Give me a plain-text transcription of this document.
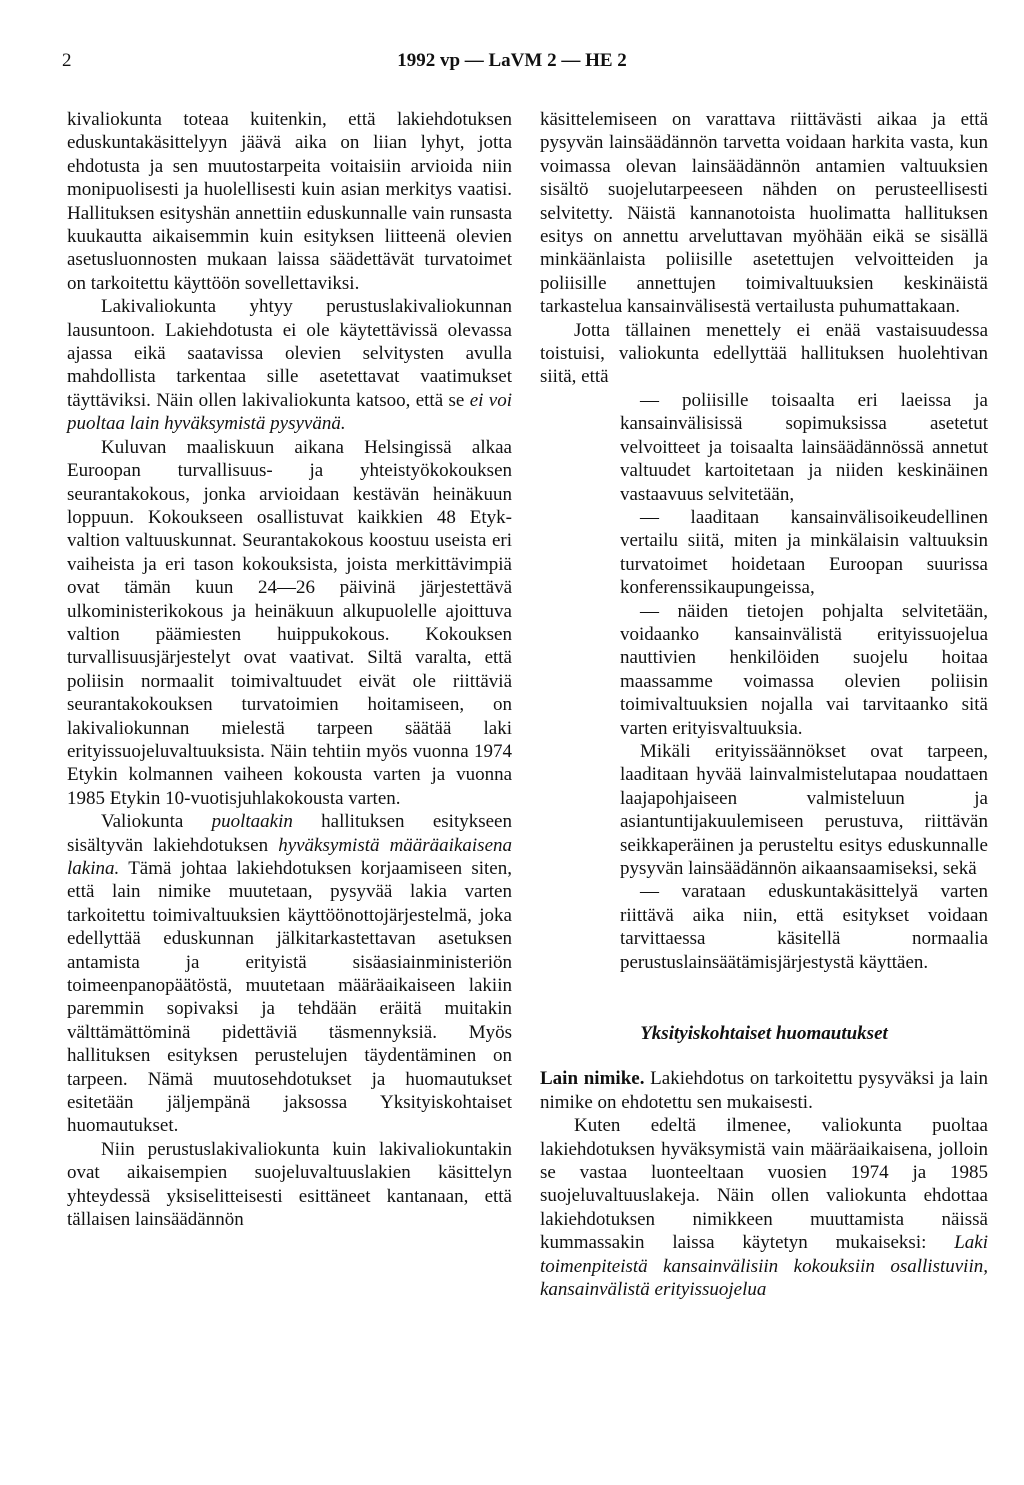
2	1992 vp — LaVM 2 — HE 2

kivaliokunta toteaa kuitenkin, että lakiehdotuksen eduskuntakäsittelyyn jäävä aika on liian lyhyt, jotta ehdotusta ja sen muutostarpeita voitaisiin arvioida niin monipuolisesti ja huolellisesti kuin asian merkitys vaatisi. Hallituksen esityshän annettiin eduskunnalle vain runsasta kuukautta aikaisemmin kuin esityksen liitteenä olevien asetusluonnosten mukaan laissa säädettävät turvatoimet on tarkoitettu käyttöön sovellettaviksi.

Lakivaliokunta yhtyy perustuslakivaliokunnan lausuntoon. Lakiehdotusta ei ole käytettävissä olevassa ajassa eikä saatavissa olevien selvitysten avulla mahdollista tarkentaa sille asetettavat vaatimukset täyttäviksi. Näin ollen lakivaliokunta katsoo, että se ei voi puoltaa lain hyväksymistä pysyvänä.

Kuluvan maaliskuun aikana Helsingissä alkaa Euroopan turvallisuus- ja yhteistyökokouksen seurantakokous, jonka arvioidaan kestävän heinäkuun loppuun. Kokoukseen osallistuvat kaikkien 48 Etyk-valtion valtuuskunnat. Seurantakokous koostuu useista eri vaiheista ja eri tason kokouksista, joista merkittävimpiä ovat tämän kuun 24—26 päivinä järjestettävä ulkoministerikokous ja heinäkuun alkupuolelle ajoittuva valtion päämiesten huippukokous. Kokouksen turvallisuusjärjestelyt ovat vaativat. Siltä varalta, että poliisin normaalit toimivaltuudet eivät ole riittäviä seurantakokouksen turvatoimien hoitamiseen, on lakivaliokunnan mielestä tarpeen säätää laki erityissuojeluvaltuuksista. Näin tehtiin myös vuonna 1974 Etykin kolmannen vaiheen kokousta varten ja vuonna 1985 Etykin 10-vuotisjuhlakokousta varten.

Valiokunta puoltaakin hallituksen esitykseen sisältyvän lakiehdotuksen hyväksymistä määräaikaisena lakina. Tämä johtaa lakiehdotuksen korjaamiseen siten, että lain nimike muutetaan, pysyvää lakia varten tarkoitettu toimivaltuuksien käyttöönottojärjestelmä, joka edellyttää eduskunnan jälkitarkastettavan asetuksen antamista ja erityistä sisäasiainministeriön toimeenpanopäätöstä, muutetaan määräaikaiseen lakiin paremmin sopivaksi ja tehdään eräitä muitakin välttämättöminä pidettäviä täsmennyksiä. Myös hallituksen esityksen perustelujen täydentäminen on tarpeen. Nämä muutosehdotukset ja huomautukset esitetään jäljempänä jaksossa Yksityiskohtaiset huomautukset.

Niin perustuslakivaliokunta kuin lakivaliokuntakin ovat aikaisempien suojeluvaltuuslakien käsittelyn yhteydessä yksiselitteisesti esittäneet kantanaan, että tällaisen lainsäädännön

käsittelemiseen on varattava riittävästi aikaa ja että pysyvän lainsäädännön tarvetta voidaan harkita vasta, kun voimassa olevan lainsäädännön antamien valtuuksien sisältö suojelutarpeeseen nähden on perusteellisesti selvitetty. Näistä kannanotoista huolimatta hallituksen esitys on annettu arveluttavan myöhään eikä se sisällä minkäänlaista poliisille asetettujen velvoitteiden ja poliisille annettujen toimivaltuuksien keskinäistä tarkastelua kansainvälisestä vertailusta puhumattakaan.

Jotta tällainen menettely ei enää vastaisuudessa toistuisi, valiokunta edellyttää hallituksen huolehtivan siitä, että

— poliisille toisaalta eri laeissa ja kansainvälisissä sopimuksissa asetetut velvoitteet ja toisaalta lainsäädännössä annetut valtuudet kartoitetaan ja niiden keskinäinen vastaavuus selvitetään,

— laaditaan kansainvälisoikeudellinen vertailu siitä, miten ja minkälaisin valtuuksin turvatoimet hoidetaan Euroopan suurissa konferenssikaupungeissa,

— näiden tietojen pohjalta selvitetään, voidaanko kansainvälistä erityissuojelua nauttivien henkilöiden suojelu hoitaa maassamme voimassa olevien poliisin toimivaltuuksien nojalla vai tarvitaanko sitä varten erityisvaltuuksia.

Mikäli erityissäännökset ovat tarpeen, laaditaan hyvää lainvalmistelutapaa noudattaen laajapohjaiseen valmisteluun ja asiantuntijakuulemiseen perustuva, riittävän seikkaperäinen ja perusteltu esitys eduskunnalle pysyvän lainsäädännön aikaansaamiseksi, sekä

— varataan eduskuntakäsittelyä varten riittävä aika niin, että esitykset voidaan tarvittaessa käsitellä normaalia perustuslainsäätämisjärjestystä käyttäen.

Yksityiskohtaiset huomautukset

Lain nimike. Lakiehdotus on tarkoitettu pysyväksi ja lain nimike on ehdotettu sen mukaisesti.

Kuten edeltä ilmenee, valiokunta puoltaa lakiehdotuksen hyväksymistä vain määräaikaisena, jolloin se vastaa luonteeltaan vuosien 1974 ja 1985 suojeluvaltuuslakeja. Näin ollen valiokunta ehdottaa lakiehdotuksen nimikkeen muuttamista näissä kummassakin laissa käytetyn mukaiseksi: Laki toimenpiteistä kansainvälisiin kokouksiin osallistuviin, kansainvälistä erityissuojelua
